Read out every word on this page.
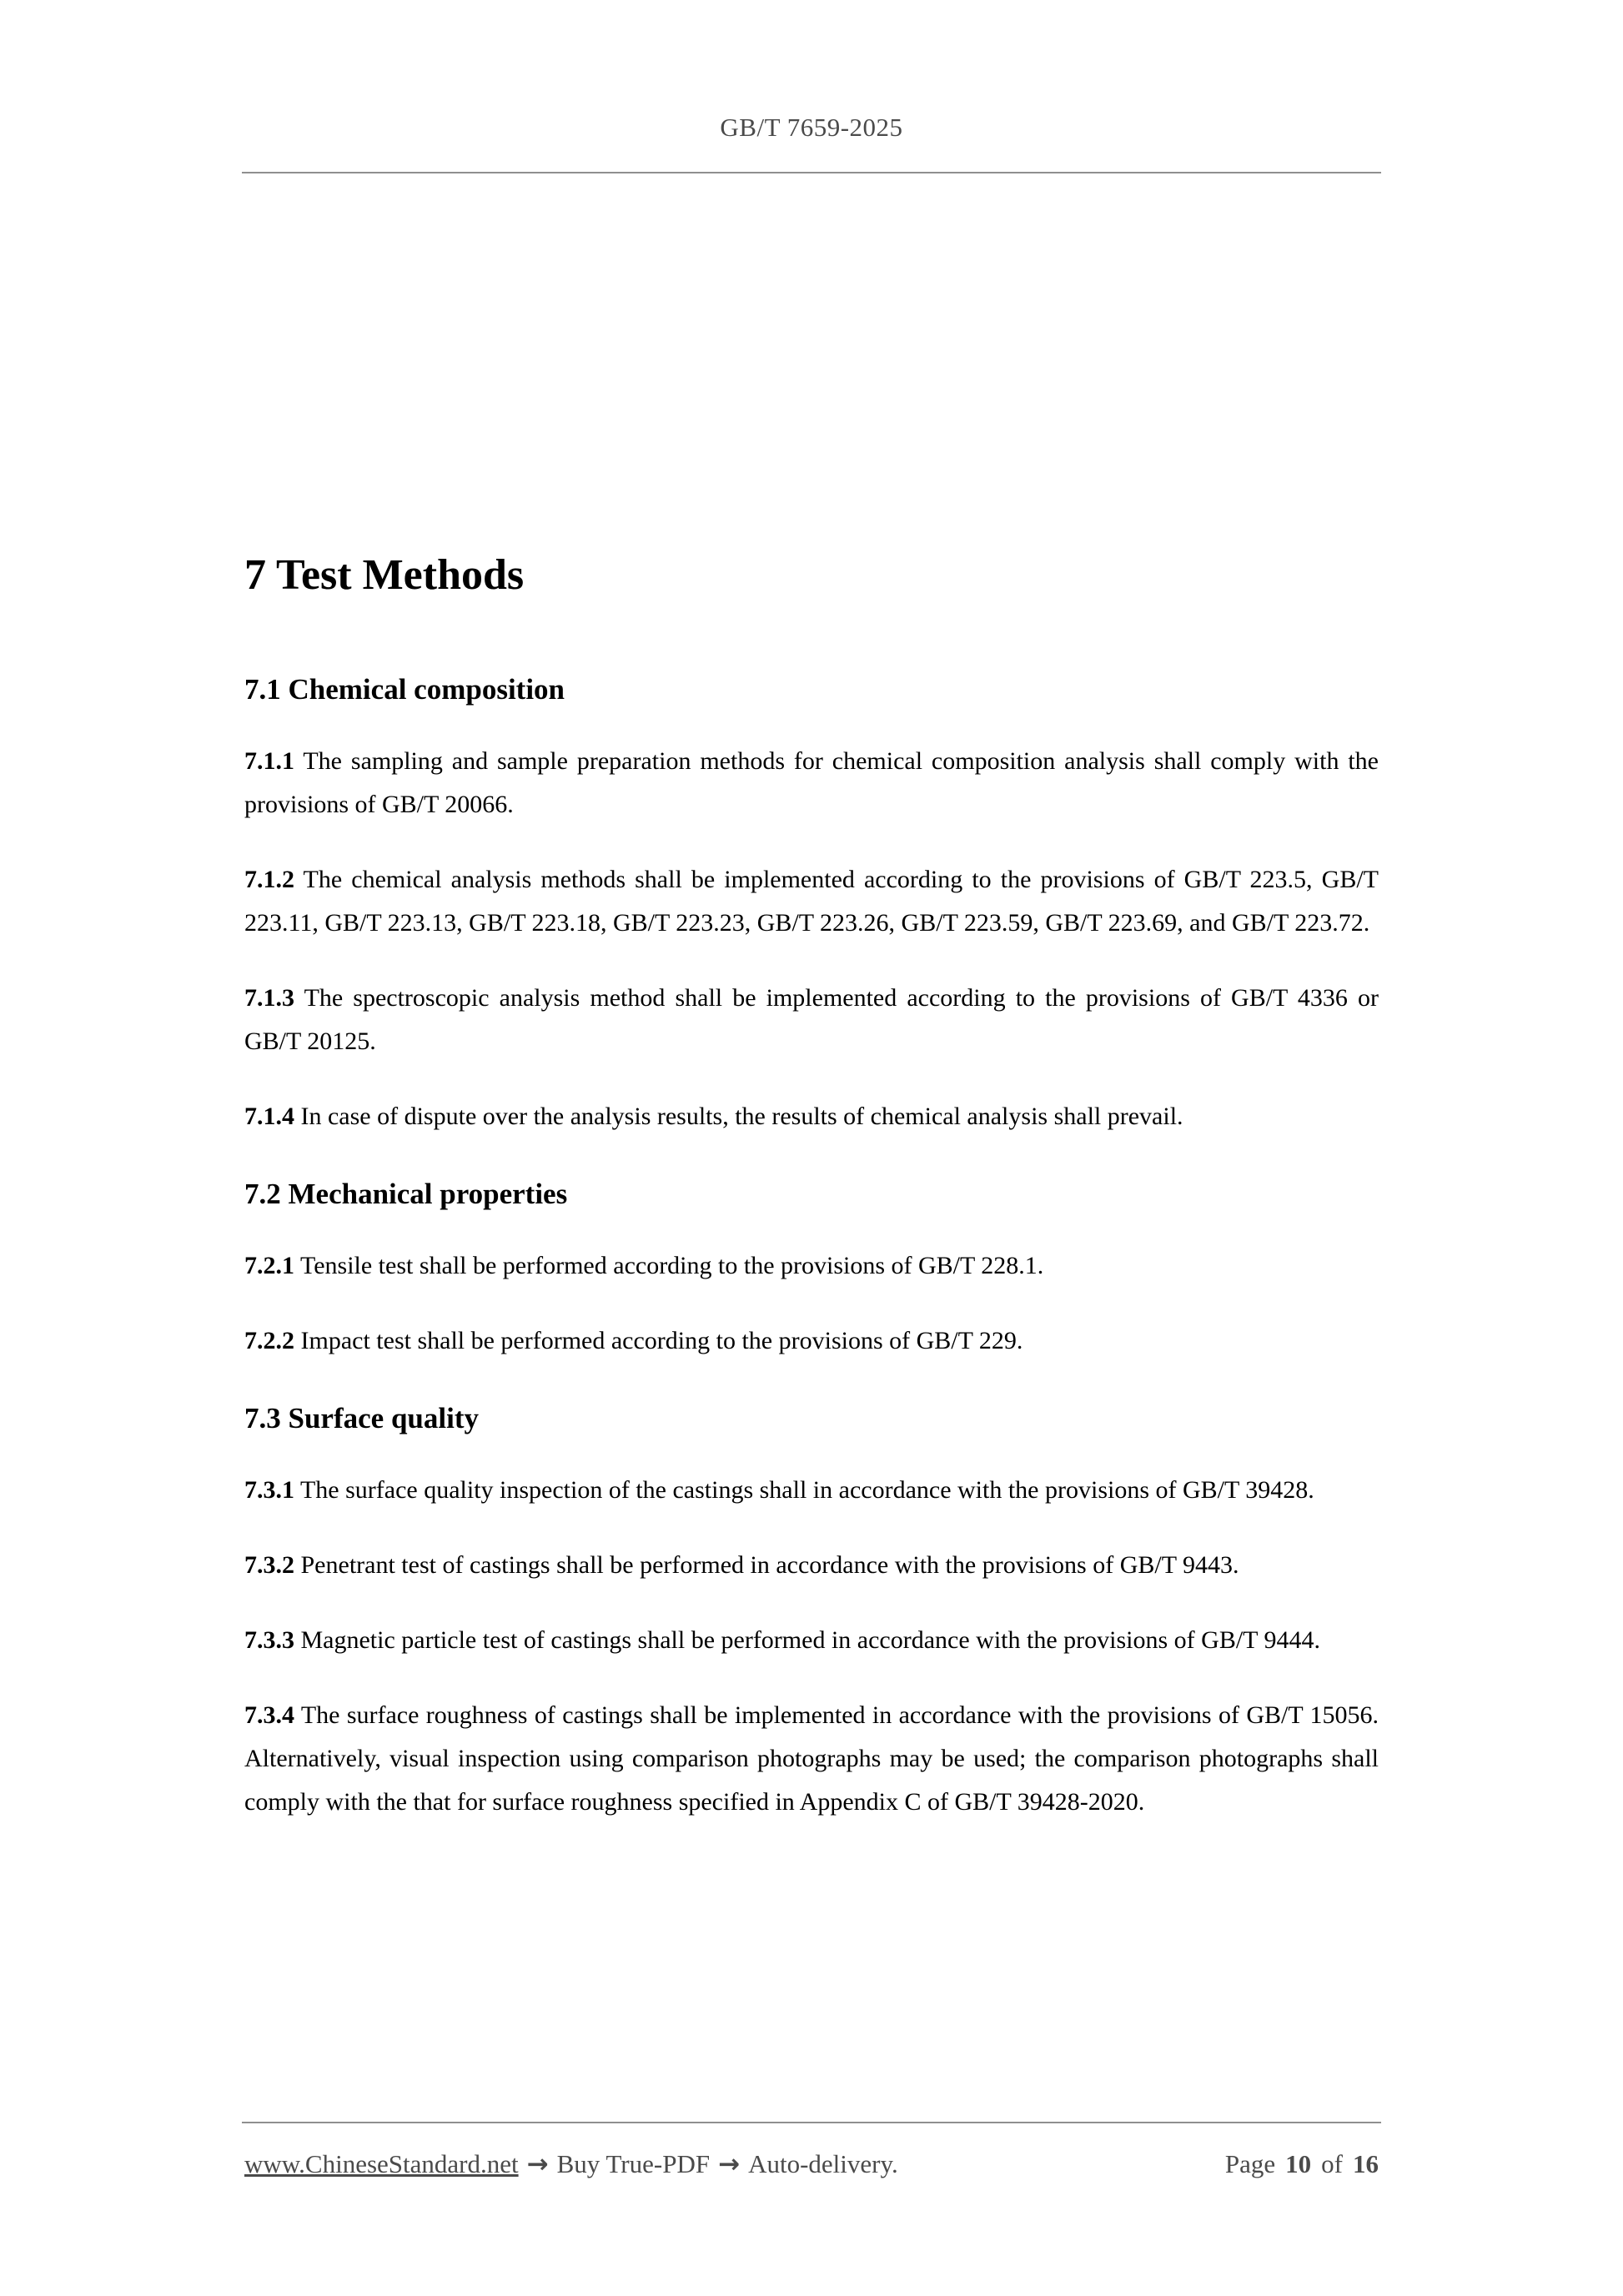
GB/T 7659-2025
7 Test Methods
7.1 Chemical composition

7.1.1 The sampling and sample preparation methods for chemical composition analysis shall comply with the provisions of GB/T 20066.

7.1.2 The chemical analysis methods shall be implemented according to the provisions of GB/T 223.5, GB/T 223.11, GB/T 223.13, GB/T 223.18, GB/T 223.23, GB/T 223.26, GB/T 223.59, GB/T 223.69, and GB/T 223.72.

7.1.3 The spectroscopic analysis method shall be implemented according to the provisions of GB/T 4336 or GB/T 20125.

7.1.4 In case of dispute over the analysis results, the results of chemical analysis shall prevail.

7.2 Mechanical properties

7.2.1 Tensile test shall be performed according to the provisions of GB/T 228.1.

7.2.2 Impact test shall be performed according to the provisions of GB/T 229.

7.3 Surface quality

7.3.1 The surface quality inspection of the castings shall in accordance with the provisions of GB/T 39428.

7.3.2 Penetrant test of castings shall be performed in accordance with the provisions of GB/T 9443.

7.3.3 Magnetic particle test of castings shall be performed in accordance with the provisions of GB/T 9444.

7.3.4 The surface roughness of castings shall be implemented in accordance with the provisions of GB/T 15056. Alternatively, visual inspection using comparison photographs may be used; the comparison photographs shall comply with the that for surface roughness specified in Appendix C of GB/T 39428-2020.

www.ChineseStandard.net → Buy True-PDF → Auto-delivery.	Page 10 of 16
